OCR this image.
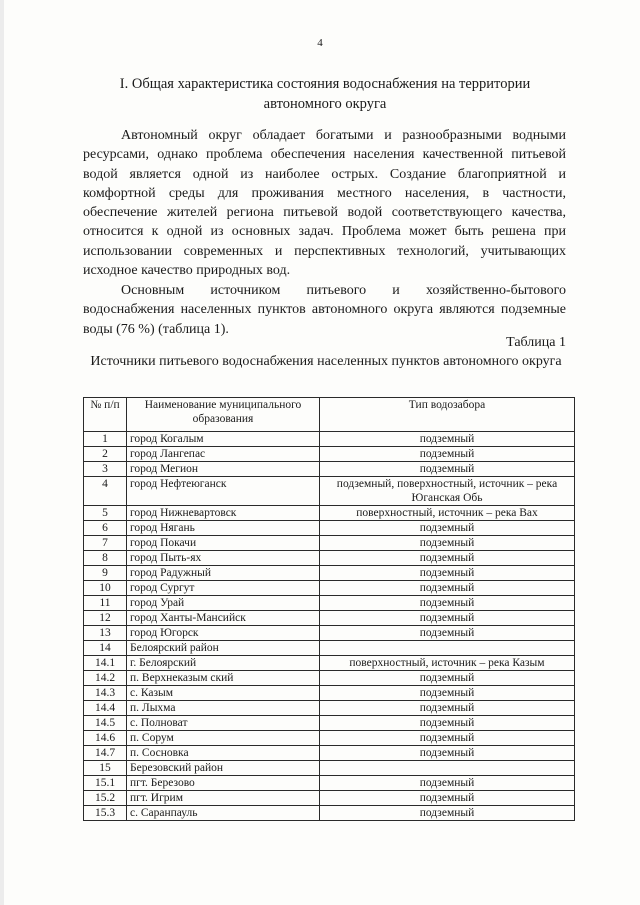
4
I. Общая характеристика состояния водоснабжения на территории
автономного округа
Автономный округ обладает богатыми и разнообразными водными ресурсами, однако проблема обеспечения населения качественной питьевой водой является одной из наиболее острых. Создание благоприятной и комфортной среды для проживания местного населения, в частности, обеспечение жителей региона питьевой водой соответствующего качества, относится к одной из основных задач. Проблема может быть решена при использовании современных и перспективных технологий, учитывающих исходное качество природных вод.
Основным источником питьевого и хозяйственно-бытового водоснабжения населенных пунктов автономного округа являются подземные воды (76 %) (таблица 1).
Таблица 1
Источники питьевого водоснабжения населенных пунктов автономного округа
№ п/п	Наименование муниципального образования	Тип водозабора
1	город Когалым	подземный
2	город Лангепас	подземный
3	город Мегион	подземный
4	город Нефтеюганск	подземный, поверхностный, источник – река Юганская Обь
5	город Нижневартовск	поверхностный, источник – река Вах
6	город Нягань	подземный
7	город Покачи	подземный
8	город Пыть-ях	подземный
9	город Радужный	подземный
10	город Сургут	подземный
11	город Урай	подземный
12	город Ханты-Мансийск	подземный
13	город Югорск	подземный
14	Белоярский район	
14.1	г. Белоярский	поверхностный, источник – река Казым
14.2	п. Верхнеказым ский	подземный
14.3	с. Казым	подземный
14.4	п. Лыхма	подземный
14.5	с. Полноват	подземный
14.6	п. Сорум	подземный
14.7	п. Сосновка	подземный
15	Березовский район	
15.1	пгт. Березово	подземный
15.2	пгт. Игрим	подземный
15.3	с. Саранпауль	подземный
